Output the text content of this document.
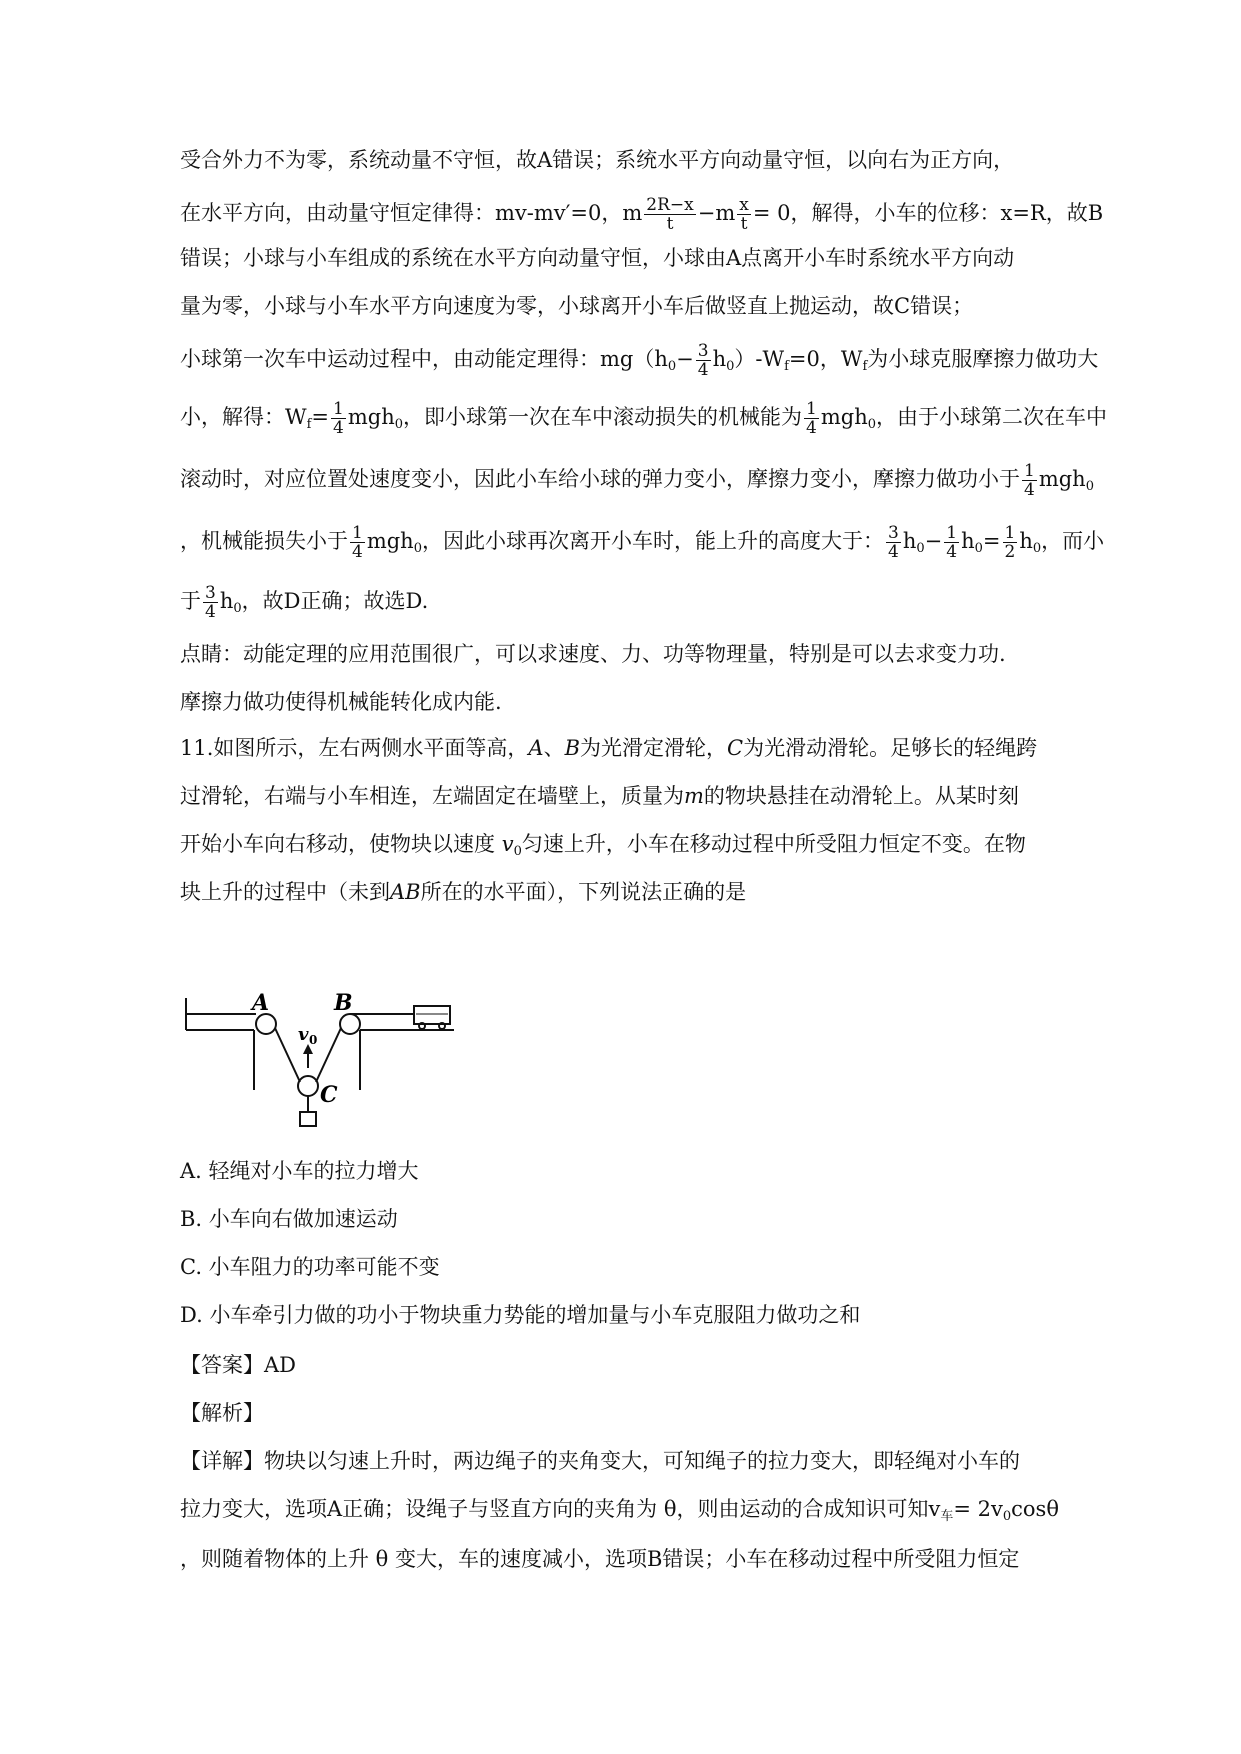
受合外力不为零，系统动量不守恒，故A错误；系统水平方向动量守恒，以向右为正方向，
在水平方向，由动量守恒定律得：mv-mv′=0，m $\frac{2R-x}{t} -m \frac{x}{t} = 0$，解得，小车的位移：x=R，故B
错误；小球与小车组成的系统在水平方向动量守恒，小球由A点离开小车时系统水平方向动
量为零，小球与小车水平方向速度为零，小球离开小车后做竖直上抛运动，故C错误；
小球第一次车中运动过程中，由动能定理得：$mg(h_0- \frac{3}{4} h_0)-W_f=0$，$W_f$为小球克服摩擦力做功大
小，解得：$W_f= \frac{1}{4} mgh_0$，即小球第一次在车中滚动损失的机械能为 $\frac{1}{4} mgh_0$，由于小球第二次在车中
滚动时，对应位置处速度变小，因此小车给小球的弹力变小，摩擦力变小，摩擦力做功小于 $\frac{1}{4} mgh_0$
，机械能损失小于 $\frac{1}{4} mgh_0$，因此小球再次离开小车时，能上升的高度大于： $\frac{3}{4} h_0- \frac{1}{4} h_0= \frac{1}{2} h_0$，而小
于 $\frac{3}{4} h_0$，故D正确；故选D.
点睛：动能定理的应用范围很广，可以求速度、力、功等物理量，特别是可以去求变力功.
摩擦力做功使得机械能转化成内能.
11.如图所示，左右两侧水平面等高，A、B为光滑定滑轮，C为光滑动滑轮。足够长的轻绳跨
过滑轮，右端与小车相连，左端固定在墙壁上，质量为m的物块悬挂在动滑轮上。从某时刻
开始小车向右移动，使物块以速度 $v_0$匀速上升，小车在移动过程中所受阻力恒定不变。在物
块上升的过程中（未到AB所在的水平面），下列说法正确的是
A	B
C
v 0
A. 轻绳对小车的拉力增大
B. 小车向右做加速运动
C. 小车阻力的功率可能不变
D. 小车牵引力做的功小于物块重力势能的增加量与小车克服阻力做功之和
【答案】AD
【解析】
【详解】物块以匀速上升时，两边绳子的夹角变大，可知绳子的拉力变大，即轻绳对小车的
拉力变大，选项A正确；设绳子与竖直方向的夹角为 θ，则由运动的合成知识可知$v_车= 2v_0\cos\theta$
，则随着物体的上升 θ 变大，车的速度减小，选项B错误；小车在移动过程中所受阻力恒定
